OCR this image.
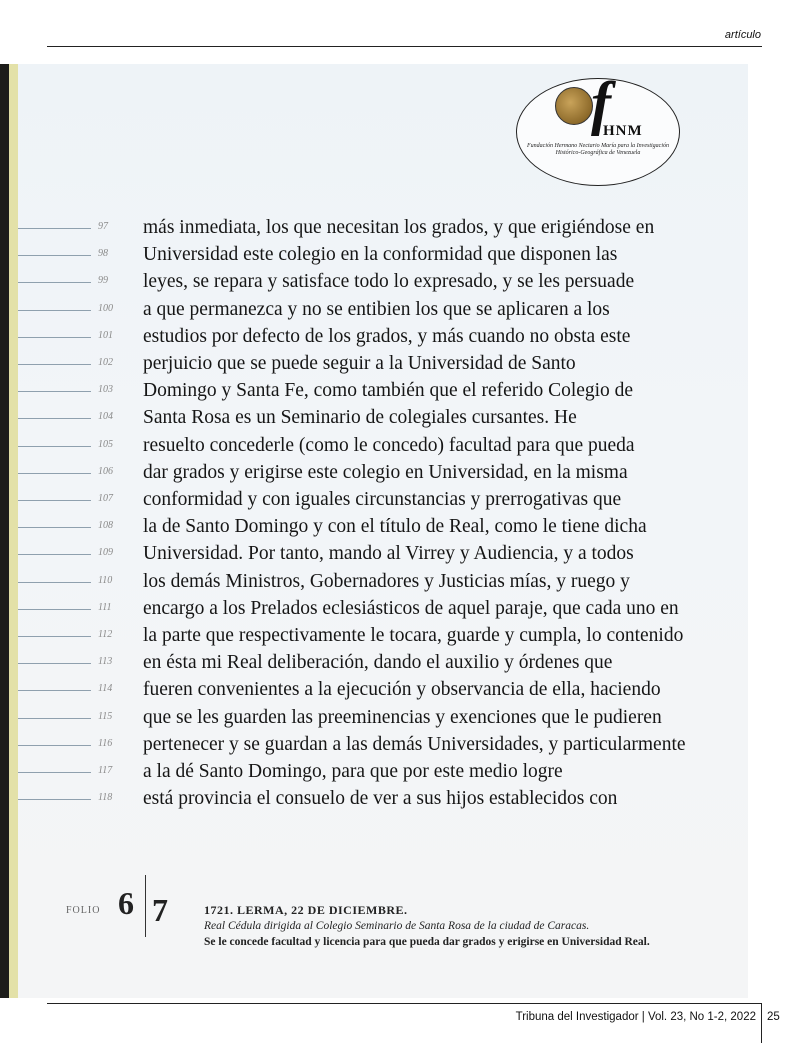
artículo
f
HNM
Fundación Hermano Nectario María para la Investigación Histórico-Geográfica de Venezuela
97	más inmediata, los que necesitan los grados, y que erigiéndose en
98	Universidad este colegio en la conformidad que disponen las
99	leyes, se repara y satisface todo lo expresado, y se les persuade
100	a que permanezca y no se entibien los que se aplicaren a los
101	estudios por defecto de los grados, y más cuando no obsta este
102	perjuicio que se puede seguir a la Universidad de Santo
103	Domingo y Santa Fe, como también que el referido Colegio de
104	Santa Rosa es un Seminario de colegiales cursantes. He
105	resuelto concederle (como le concedo) facultad para que pueda
106	dar grados y erigirse este colegio en Universidad, en la misma
107	conformidad y con iguales circunstancias y prerrogativas que
108	la de Santo Domingo y con el título de Real, como le tiene dicha
109	Universidad. Por tanto, mando al Virrey y Audiencia, y a todos
110	los demás Ministros, Gobernadores y Justicias mías, y ruego y
111	encargo a los Prelados eclesiásticos de aquel paraje, que cada uno en
112	la parte que respectivamente le tocara, guarde y cumpla, lo contenido
113	en ésta mi Real deliberación, dando el auxilio y órdenes que
114	fueren convenientes a la ejecución y observancia de ella, haciendo
115	que se les guarden las preeminencias y exenciones que le pudieren
116	pertenecer y se guardan a las demás Universidades, y particularmente
117	a la dé Santo Domingo, para que por este medio logre
118	está provincia el consuelo de ver a sus hijos establecidos con
FOLIO 6 7	1721. LERMA, 22 DE DICIEMBRE.
Real Cédula dirigida al Colegio Seminario de Santa Rosa de la ciudad de Caracas.
Se le concede facultad y licencia para que pueda dar grados y erigirse en Universidad Real.
Tribuna del Investigador | Vol. 23, No 1-2, 2022 25
